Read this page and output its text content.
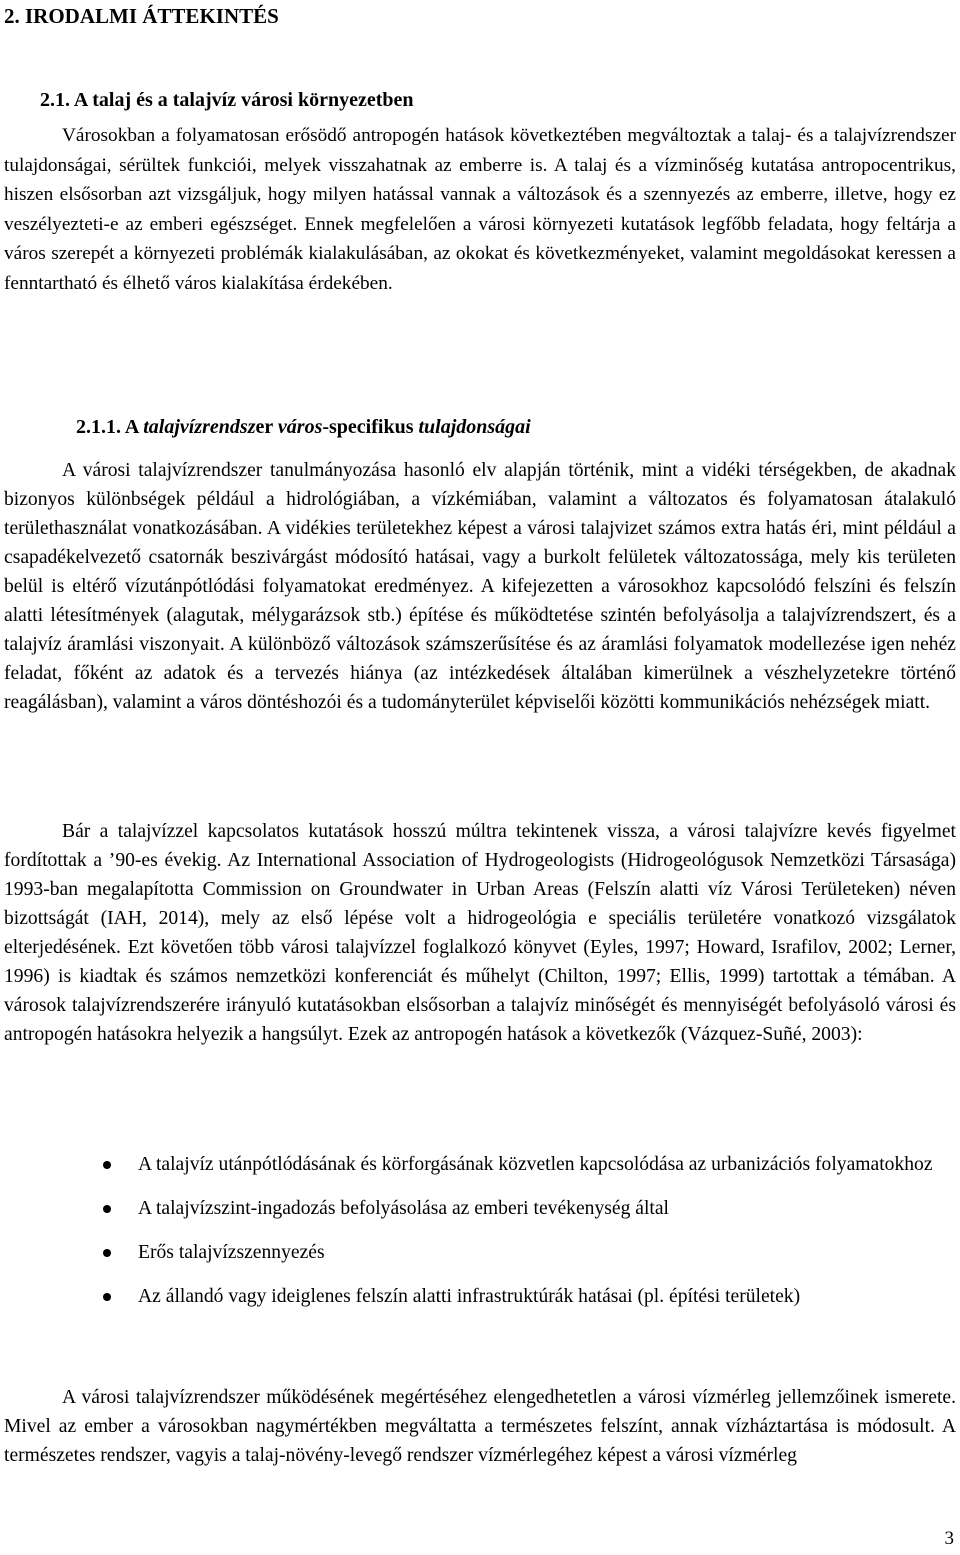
2. IRODALMI ÁTTEKINTÉS
2.1. A talaj és a talajvíz városi környezetben

Városokban a folyamatosan erősödő antropogén hatások következtében megváltoztak a talaj- és a talajvízrendszer tulajdonságai, sérültek funkciói, melyek visszahatnak az emberre is. A talaj és a vízminőség kutatása antropocentrikus, hiszen elsősorban azt vizsgáljuk, hogy milyen hatással vannak a változások és a szennyezés az emberre, illetve, hogy ez veszélyezteti-e az emberi egészséget. Ennek megfelelően a városi környezeti kutatások legfőbb feladata, hogy feltárja a város szerepét a környezeti problémák kialakulásában, az okokat és következményeket, valamint megoldásokat keressen a fenntartható és élhető város kialakítása érdekében.

2.1.1. A talajvízrendszer város-specifikus tulajdonságai

A városi talajvízrendszer tanulmányozása hasonló elv alapján történik, mint a vidéki térségekben, de akadnak bizonyos különbségek például a hidrológiában, a vízkémiában, valamint a változatos és folyamatosan átalakuló területhasználat vonatkozásában. A vidékies területekhez képest a városi talajvizet számos extra hatás éri, mint például a csapadékelvezető csatornák beszivárgást módosító hatásai, vagy a burkolt felületek változatossága, mely kis területen belül is eltérő vízutánpótlódási folyamatokat eredményez. A kifejezetten a városokhoz kapcsolódó felszíni és felszín alatti létesítmények (alagutak, mélygarázsok stb.) építése és működtetése szintén befolyásolja a talajvízrendszert, és a talajvíz áramlási viszonyait. A különböző változások számszerűsítése és az áramlási folyamatok modellezése igen nehéz feladat, főként az adatok és a tervezés hiánya (az intézkedések általában kimerülnek a vészhelyzetekre történő reagálásban), valamint a város döntéshozói és a tudományterület képviselői közötti kommunikációs nehézségek miatt.

Bár a talajvízzel kapcsolatos kutatások hosszú múltra tekintenek vissza, a városi talajvízre kevés figyelmet fordítottak a ’90-es évekig. Az International Association of Hydrogeologists (Hidrogeológusok Nemzetközi Társasága) 1993-ban megalapította Commission on Groundwater in Urban Areas (Felszín alatti víz Városi Területeken) néven bizottságát (IAH, 2014), mely az első lépése volt a hidrogeológia e speciális területére vonatkozó vizsgálatok elterjedésének. Ezt követően több városi talajvízzel foglalkozó könyvet (Eyles, 1997; Howard, Israfilov, 2002; Lerner, 1996) is kiadtak és számos nemzetközi konferenciát és műhelyt (Chilton, 1997; Ellis, 1999) tartottak a témában. A városok talajvízrendszerére irányuló kutatásokban elsősorban a talajvíz minőségét és mennyiségét befolyásoló városi és antropogén hatásokra helyezik a hangsúlyt. Ezek az antropogén hatások a következők (Vázquez-Suñé, 2003):

A talajvíz utánpótlódásának és körforgásának közvetlen kapcsolódása az urbanizációs folyamatokhoz
A talajvízszint-ingadozás befolyásolása az emberi tevékenység által
Erős talajvízszennyezés
Az állandó vagy ideiglenes felszín alatti infrastruktúrák hatásai (pl. építési területek)

A városi talajvízrendszer működésének megértéséhez elengedhetetlen a városi vízmérleg jellemzőinek ismerete. Mivel az ember a városokban nagymértékben megváltatta a természetes felszínt, annak vízháztartása is módosult. A természetes rendszer, vagyis a talaj-növény-levegő rendszer vízmérlegéhez képest a városi vízmérleg

3
